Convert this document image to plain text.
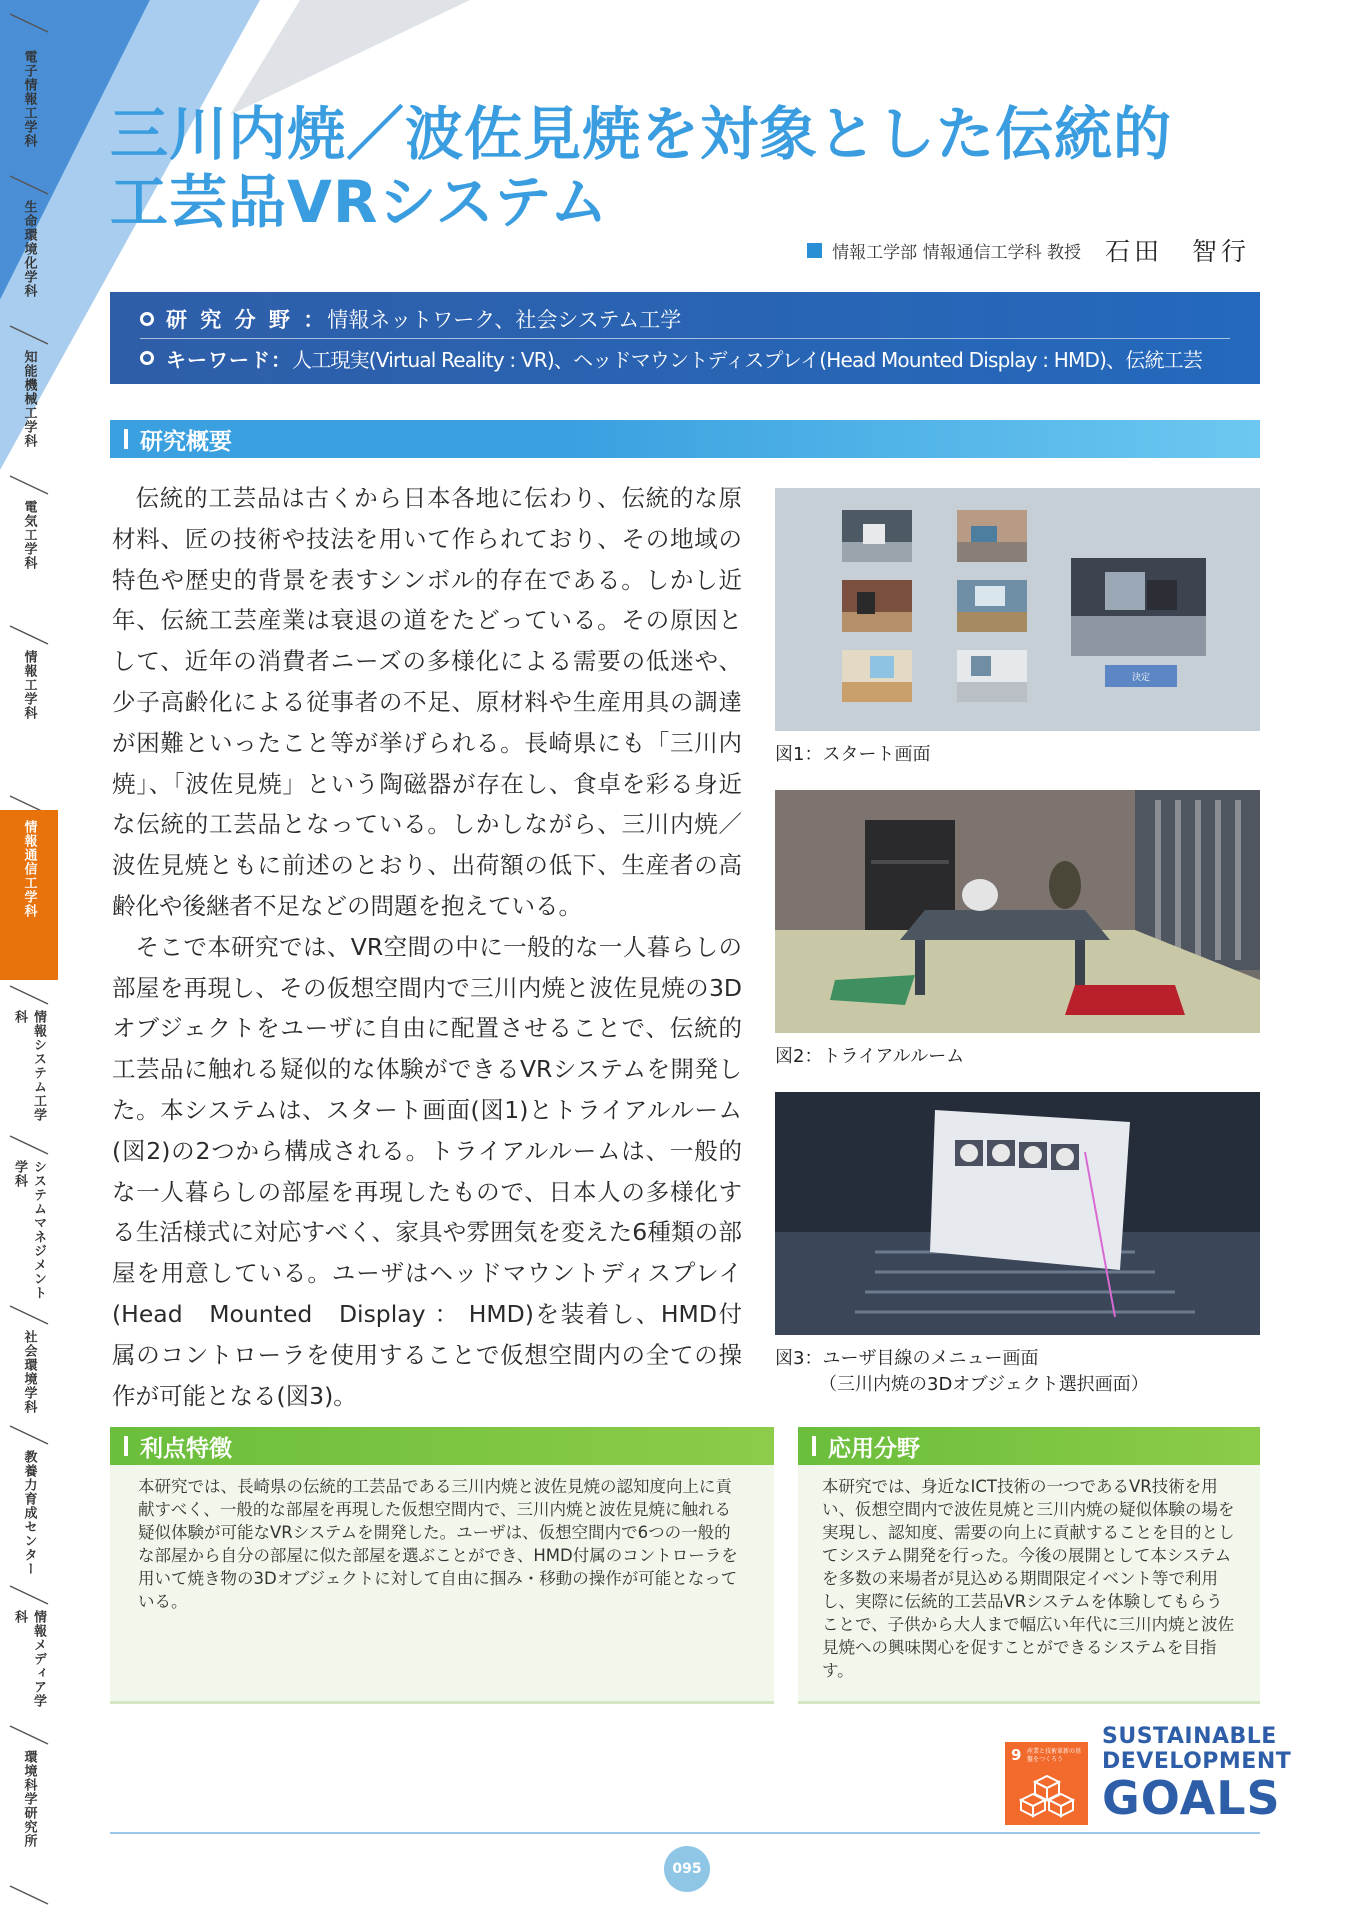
電子情報工学科
生命環境化学科
知能機械工学科
電気工学科
情報工学科
情報通信工学科
情報システム工学科
システムマネジメント学科
社会環境学科
教養力育成センター
情報メディア学科
環境科学研究所
三川内焼／波佐見焼を対象とした伝統的
工芸品VRシステム
情報工学部 情報通信工学科 教授 石田　智行
研 究 分 野 ： 情報ネットワーク、社会システム工学
キーワード： 人工現実(Virtual Reality : VR)、ヘッドマウントディスプレイ(Head Mounted Display : HMD)、伝統工芸
研究概要

伝統的工芸品は古くから日本各地に伝わり、伝統的な原材料、匠の技術や技法を用いて作られており、その地域の特色や歴史的背景を表すシンボル的存在である。しかし近年、伝統工芸産業は衰退の道をたどっている。その原因として、近年の消費者ニーズの多様化による需要の低迷や、少子高齢化による従事者の不足、原材料や生産用具の調達が困難といったこと等が挙げられる。長崎県にも「三川内焼」、「波佐見焼」という陶磁器が存在し、食卓を彩る身近な伝統的工芸品となっている。しかしながら、三川内焼／波佐見焼ともに前述のとおり、出荷額の低下、生産者の高齢化や後継者不足などの問題を抱えている。

そこで本研究では、VR空間の中に一般的な一人暮らしの部屋を再現し、その仮想空間内で三川内焼と波佐見焼の3Dオブジェクトをユーザに自由に配置させることで、伝統的工芸品に触れる疑似的な体験ができるVRシステムを開発した。本システムは、スタート画面(図1)とトライアルルーム(図2)の2つから構成される。トライアルルームは、一般的な一人暮らしの部屋を再現したもので、日本人の多様化する生活様式に対応すべく、家具や雰囲気を変えた6種類の部屋を用意している。ユーザはヘッドマウントディスプレイ(Head　Mounted　Display ： HMD)を装着し、HMD付属のコントローラを使用することで仮想空間内の全ての操作が可能となる(図3)。

決定
図1：スタート画面
図2：トライアルルーム
図3：ユーザ目線のメニュー画面
（三川内焼の3Dオブジェクト選択画面）
利点特徴
本研究では、長崎県の伝統的工芸品である三川内焼と波佐見焼の認知度向上に貢献すべく、一般的な部屋を再現した仮想空間内で、三川内焼と波佐見焼に触れる疑似体験が可能なVRシステムを開発した。ユーザは、仮想空間内で6つの一般的な部屋から自分の部屋に似た部屋を選ぶことができ、HMD付属のコントローラを用いて焼き物の3Dオブジェクトに対して自由に掴み・移動の操作が可能となっている。
応用分野
本研究では、身近なICT技術の一つであるVR技術を用い、仮想空間内で波佐見焼と三川内焼の疑似体験の場を実現し、認知度、需要の向上に貢献することを目的としてシステム開発を行った。今後の展開として本システムを多数の来場者が見込める期間限定イベント等で利用し、実際に伝統的工芸品VRシステムを体験してもらうことで、子供から大人まで幅広い年代に三川内焼と波佐見焼への興味関心を促すことができるシステムを目指す。
9 産業と技術革新の基盤をつくろう
SUSTAINABLE
DEVELOPMENT
GOALS
095
